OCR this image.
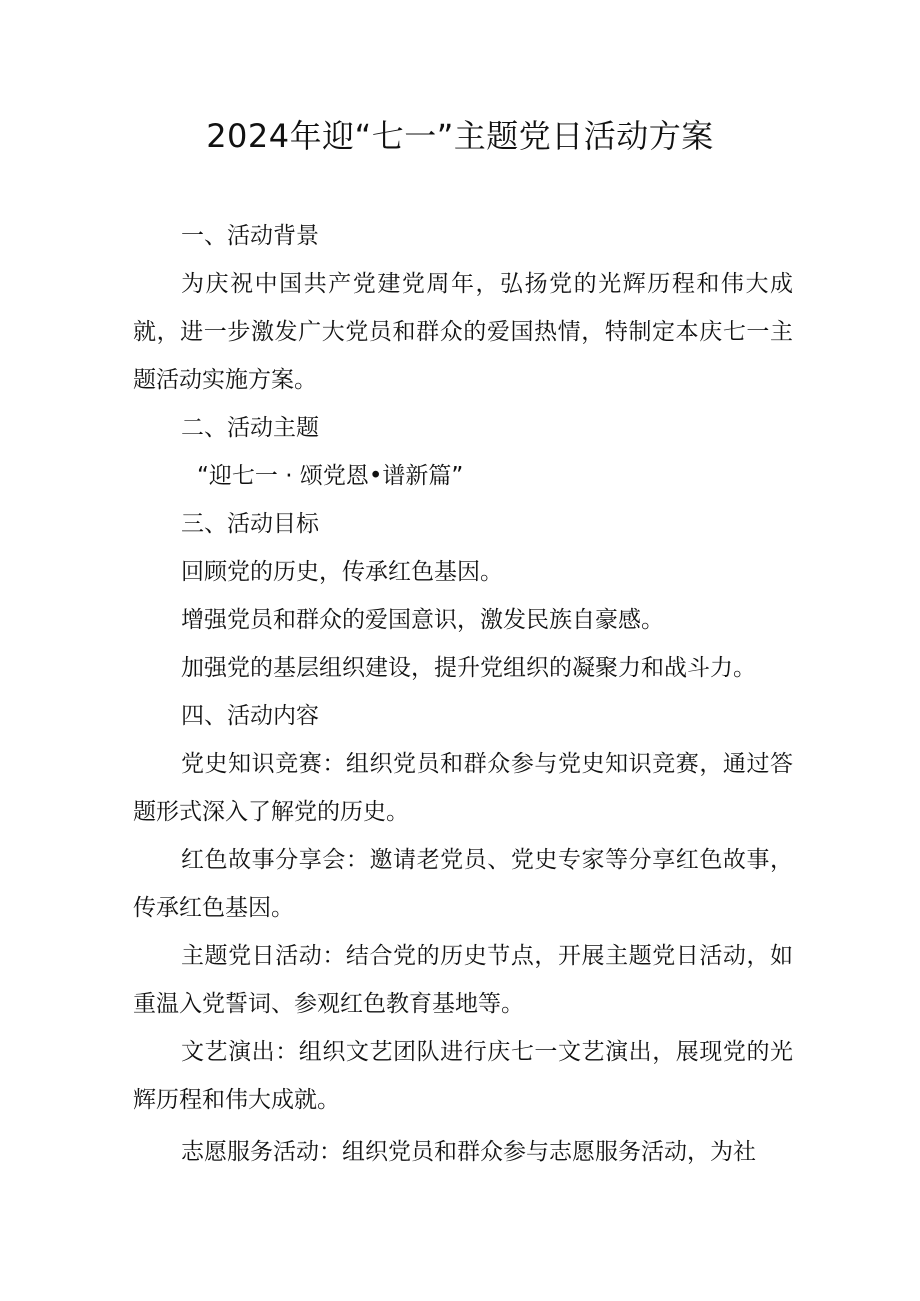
2024年迎“七一”主题党日活动方案

一、活动背景

为庆祝中国共产党建党周年，弘扬党的光辉历程和伟大成就，进一步激发广大党员和群众的爱国热情，特制定本庆七一主题活动实施方案。

二、活动主题

“迎七一 · 颂党恩•谱新篇”

三、活动目标

回顾党的历史，传承红色基因。

增强党员和群众的爱国意识，激发民族自豪感。

加强党的基层组织建设，提升党组织的凝聚力和战斗力。

四、活动内容

党史知识竞赛：组织党员和群众参与党史知识竞赛，通过答题形式深入了解党的历史。

红色故事分享会：邀请老党员、党史专家等分享红色故事，传承红色基因。

主题党日活动：结合党的历史节点，开展主题党日活动，如重温入党誓词、参观红色教育基地等。

文艺演出：组织文艺团队进行庆七一文艺演出，展现党的光辉历程和伟大成就。

志愿服务活动：组织党员和群众参与志愿服务活动，为社
